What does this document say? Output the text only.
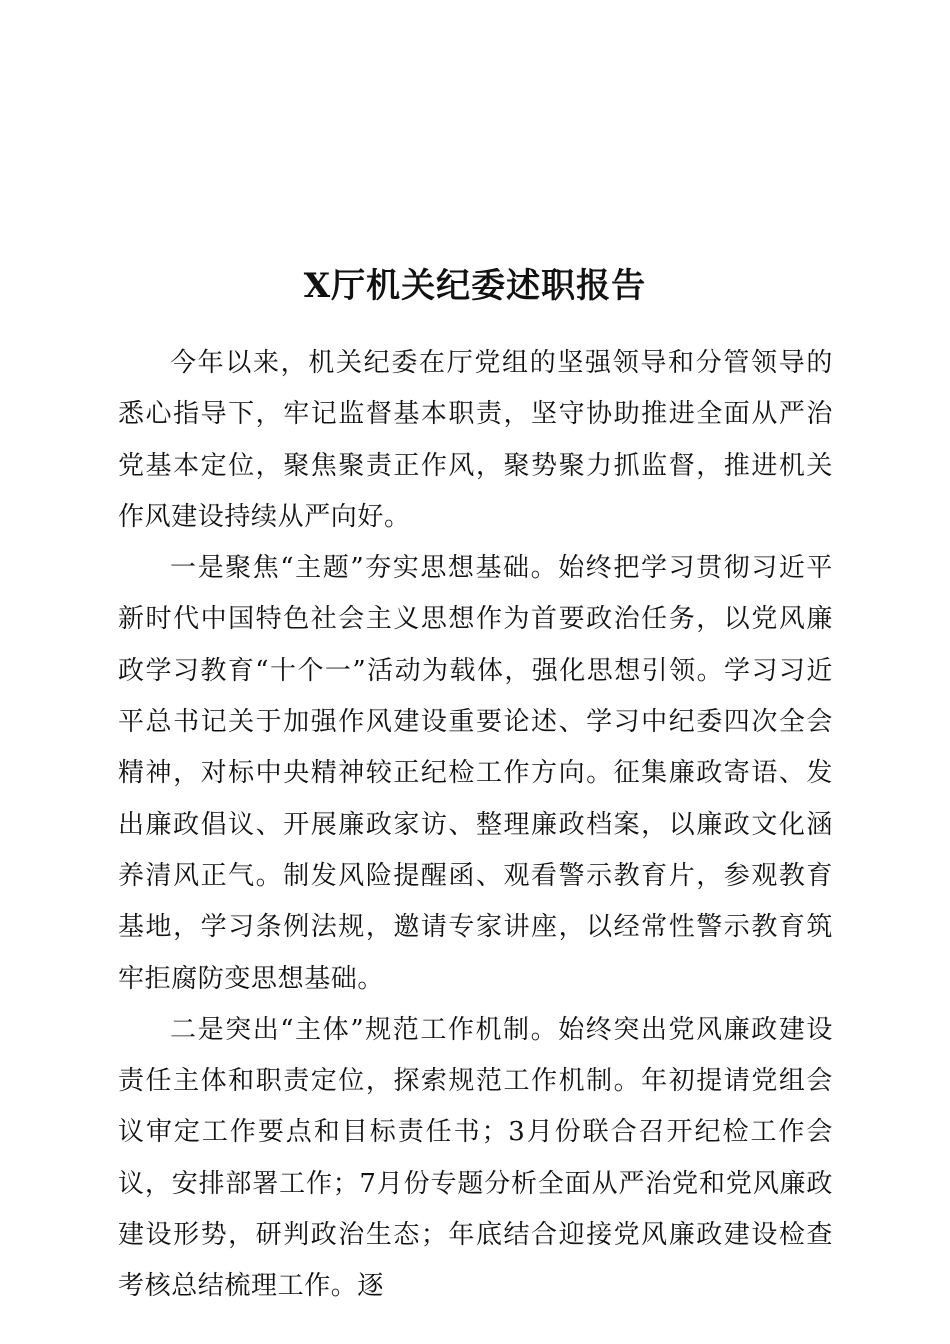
X厅机关纪委述职报告

今年以来，机关纪委在厅党组的坚强领导和分管领导的悉心指导下，牢记监督基本职责，坚守协助推进全面从严治党基本定位，聚焦聚责正作风，聚势聚力抓监督，推进机关作风建设持续从严向好。

一是聚焦“主题”夯实思想基础。始终把学习贯彻习近平新时代中国特色社会主义思想作为首要政治任务，以党风廉政学习教育“十个一”活动为载体，强化思想引领。学习习近平总书记关于加强作风建设重要论述、学习中纪委四次全会精神，对标中央精神较正纪检工作方向。征集廉政寄语、发出廉政倡议、开展廉政家访、整理廉政档案，以廉政文化涵养清风正气。制发风险提醒函、观看警示教育片，参观教育基地，学习条例法规，邀请专家讲座，以经常性警示教育筑牢拒腐防变思想基础。

二是突出“主体”规范工作机制。始终突出党风廉政建设责任主体和职责定位，探索规范工作机制。年初提请党组会议审定工作要点和目标责任书；3月份联合召开纪检工作会议，安排部署工作；7月份专题分析全面从严治党和党风廉政建设形势，研判政治生态；年底结合迎接党风廉政建设检查考核总结梳理工作。逐
